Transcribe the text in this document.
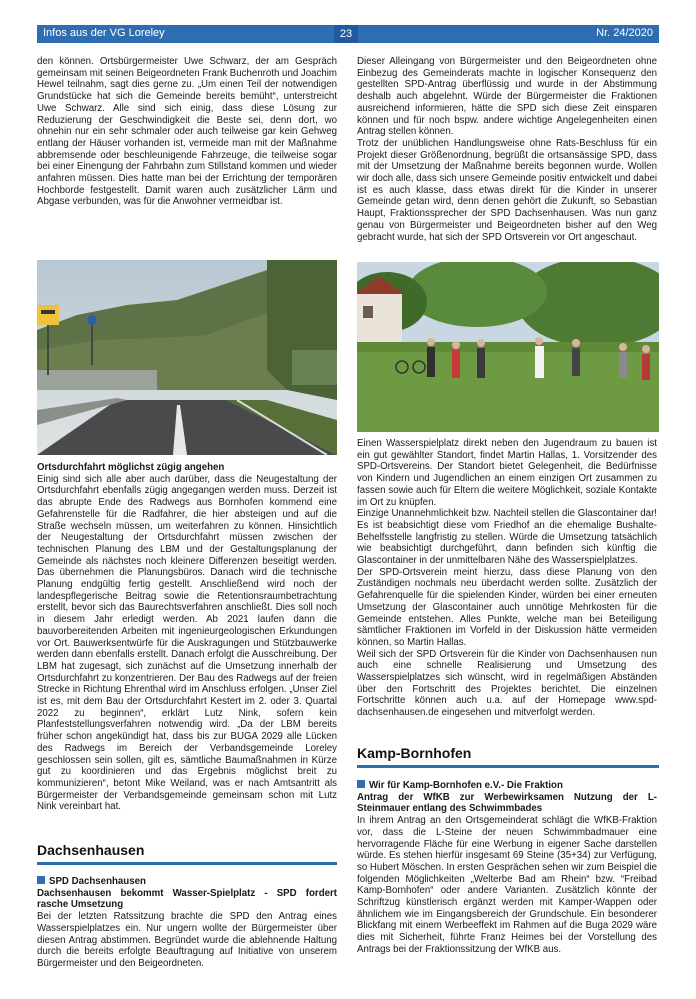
Infos aus der VG Loreley	23	Nr. 24/2020

den können. Ortsbürgermeister Uwe Schwarz, der am Gespräch gemeinsam mit seinen Beigeordneten Frank Buchenroth und Joachim Hewel teilnahm, sagt dies gerne zu. „Um einen Teil der notwendigen Grundstücke hat sich die Gemeinde bereits bemüht“, unterstreicht Uwe Schwarz. Alle sind sich einig, dass diese Lösung zur Reduzierung der Geschwindigkeit die Beste sei, denn dort, wo ohnehin nur ein sehr schmaler oder auch teilweise gar kein Gehweg entlang der Häuser vorhanden ist, vermeide man mit der Maßnahme abbremsende oder beschleunigende Fahrzeuge, die teilweise sogar bei einer Einengung der Fahrbahn zum Stillstand kommen und wieder anfahren müssen. Dies hatte man bei der Errichtung der temporären Hochborde festgestellt. Damit waren auch zusätzlicher Lärm und Abgase verbunden, was für die Anwohner vermeidbar ist.

Ortsdurchfahrt möglichst zügig angehen

Einig sind sich alle aber auch darüber, dass die Neugestaltung der Ortsdurchfahrt ebenfalls zügig angegangen werden muss. Derzeit ist das abrupte Ende des Radwegs aus Bornhofen kommend eine Gefahrenstelle für die Radfahrer, die hier absteigen und auf die Straße wechseln müssen, um weiterfahren zu können. Hinsichtlich der Neugestaltung der Ortsdurchfahrt müssen zwischen der technischen Planung des LBM und der Gestaltungsplanung der Gemeinde als nächstes noch kleinere Differenzen beseitigt werden. Das übernehmen die Planungsbüros. Danach wird die technische Planung endgültig fertig gestellt. Anschließend wird noch der landespflegerische Beitrag sowie die Retentionsraumbetrachtung erstellt, bevor sich das Baurechtsverfahren anschließt. Dies soll noch in diesem Jahr erledigt werden. Ab 2021 laufen dann die bauvorbereitenden Arbeiten mit ingenieurgeologischen Erkundungen vor Ort. Bauwerksentwürfe für die Auskragungen und Stützbauwerke werden dann ebenfalls erstellt. Danach erfolgt die Ausschreibung. Der LBM hat zugesagt, sich zunächst auf die Umsetzung innerhalb der Ortsdurchfahrt zu konzentrieren. Der Bau des Radwegs auf der freien Strecke in Richtung Ehrenthal wird im Anschluss erfolgen. „Unser Ziel ist es, mit dem Bau der Ortsdurchfahrt Kestert im 2. oder 3. Quartal 2022 zu beginnen“, erklärt Lutz Nink, sofern kein Planfeststellungsverfahren notwendig wird. „Da der LBM bereits früher schon angekündigt hat, dass bis zur BUGA 2029 alle Lücken des Radwegs im Bereich der Verbandsgemeinde Loreley geschlossen sein sollen, gilt es, sämtliche Baumaßnahmen in Kürze gut zu koordinieren und das Ergebnis möglichst breit zu kommunizieren“, betont Mike Weiland, was er nach Amtsantritt als Bürgermeister der Verbandsgemeinde gemeinsam schon mit Lutz Nink vereinbart hat.

Dachsenhausen

SPD Dachsenhausen

Dachsenhausen bekommt Wasser-Spielplatz - SPD fordert rasche Umsetzung

Bei der letzten Ratssitzung brachte die SPD den Antrag eines Wasserspielplatzes ein. Nur ungern wollte der Bürgermeister über diesen Antrag abstimmen. Begründet wurde die ablehnende Haltung durch die bereits erfolgte Beauftragung auf Initiative von unserem Bürgermeister und den Beigeordneten.

Dieser Alleingang von Bürgermeister und den Beigeordneten ohne Einbezug des Gemeinderats machte in logischer Konsequenz den gestellten SPD-Antrag überflüssig und wurde in der Abstimmung deshalb auch abgelehnt. Würde der Bürgermeister die Fraktionen ausreichend informieren, hätte die SPD sich diese Zeit einsparen können und für noch bspw. andere wichtige Angelegenheiten einen Antrag stellen können.

Trotz der unüblichen Handlungsweise ohne Rats-Beschluss für ein Projekt dieser Größenordnung, begrüßt die ortsansässige SPD, dass mit der Umsetzung der Maßnahme bereits begonnen wurde. Wollen wir doch alle, dass sich unsere Gemeinde positiv entwickelt und dabei ist es auch klasse, dass etwas direkt für die Kinder in unserer Gemeinde getan wird, denn denen gehört die Zukunft, so Sebastian Haupt, Fraktionssprecher der SPD Dachsenhausen. Was nun ganz genau von Bürgermeister und Beigeordneten bisher auf den Weg gebracht wurde, hat sich der SPD Ortsverein vor Ort angeschaut.

Einen Wasserspielplatz direkt neben den Jugendraum zu bauen ist ein gut gewählter Standort, findet Martin Hallas, 1. Vorsitzender des SPD-Ortsvereins. Der Standort bietet Gelegenheit, die Bedürfnisse von Kindern und Jugendlichen an einem einzigen Ort zusammen zu fassen sowie auch für Eltern die weitere Möglichkeit, soziale Kontakte im Ort zu knüpfen.

Einzige Unannehmlichkeit bzw. Nachteil stellen die Glascontainer dar! Es ist beabsichtigt diese vom Friedhof an die ehemalige Bushalte-Behelfsstelle langfristig zu stellen. Würde die Umsetzung tatsächlich wie beabsichtigt durchgeführt, dann befinden sich künftig die Glascontainer in der unmittelbaren Nähe des Wasserspielplatzes.

Der SPD-Ortsverein meint hierzu, dass diese Planung von den Zuständigen nochmals neu überdacht werden sollte. Zusätzlich der Gefahrenquelle für die spielenden Kinder, würden bei einer erneuten Umsetzung der Glascontainer auch unnötige Mehrkosten für die Gemeinde entstehen. Alles Punkte, welche man bei Beteiligung sämtlicher Fraktionen im Vorfeld in der Diskussion hätte vermeiden können, so Martin Hallas.

Weil sich der SPD Ortsverein für die Kinder von Dachsenhausen nun auch eine schnelle Realisierung und Umsetzung des Wasserspielplatzes sich wünscht, wird in regelmäßigen Abständen über den Fortschritt des Projektes berichtet. Die einzelnen Fortschritte können auch u.a. auf der Homepage www.spd-dachsenhausen.de eingesehen und mitverfolgt werden.

Kamp-Bornhofen

Wir für Kamp-Bornhofen e.V.- Die Fraktion

Antrag der WfKB zur Werbewirksamen Nutzung der L-Steinmauer entlang des Schwimmbades

In ihrem Antrag an den Ortsgemeinderat schlägt die WfKB-Fraktion vor, dass die L-Steine der neuen Schwimmbadmauer eine hervorragende Fläche für eine Werbung in eigener Sache darstellen würde. Es stehen hierfür insgesamt 69 Steine (35+34) zur Verfügung, so Hubert Möschen. In ersten Gesprächen sehen wir zum Beispiel die folgenden Möglichkeiten „Welterbe Bad am Rhein“ bzw. “Freibad Kamp-Bornhofen“ oder andere Varianten. Zusätzlich könnte der Schriftzug künstlerisch ergänzt werden mit Kamper-Wappen oder ähnlichem wie im Eingangsbereich der Grundschule. Ein besonderer Blickfang mit einem Werbeeffekt im Rahmen auf die Buga 2029 wäre dies mit Sicherheit, führte Franz Heimes bei der Vorstellung des Antrags bei der Fraktionssitzung der WfKB aus.
